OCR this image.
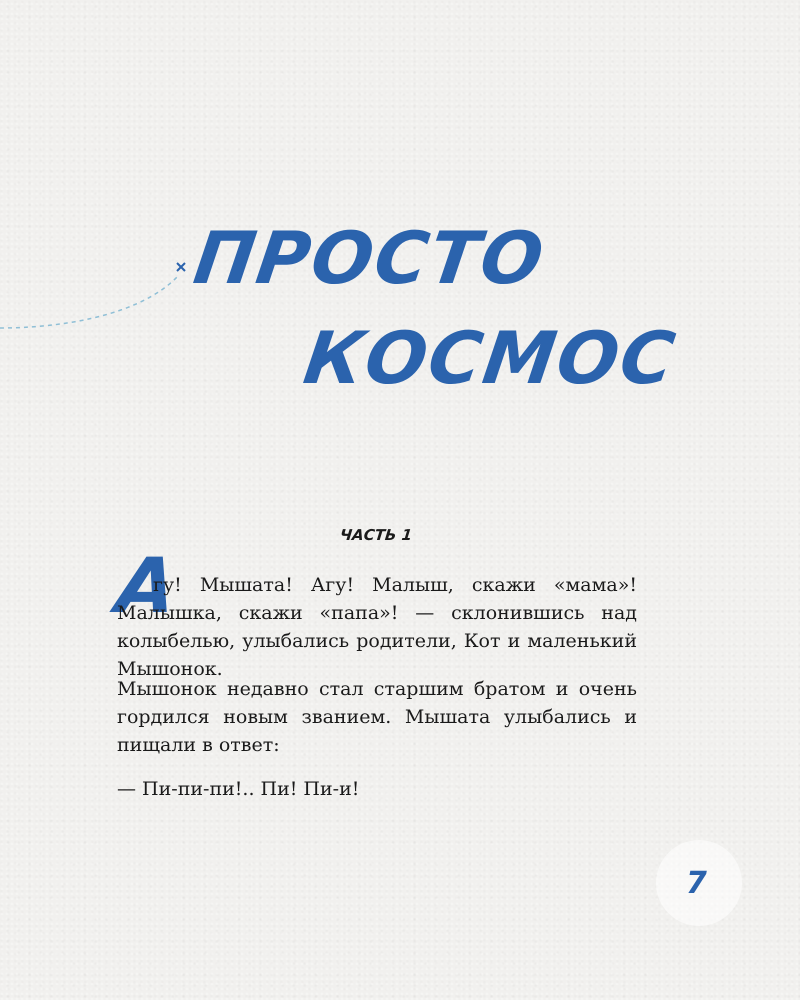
ПРОСТО
КОСМОС
ЧАСТЬ 1
А

гу! Мышата! Агу! Малыш, скажи «мама»! Малышка, скажи «папа»! — склонившись над колыбелью, улыбались родители, Кот и маленький Мышонок.

Мышонок недавно стал старшим братом и очень гордился новым званием. Мышата улыбались и пищали в ответ:

— Пи-пи-пи!.. Пи! Пи-и!

7
